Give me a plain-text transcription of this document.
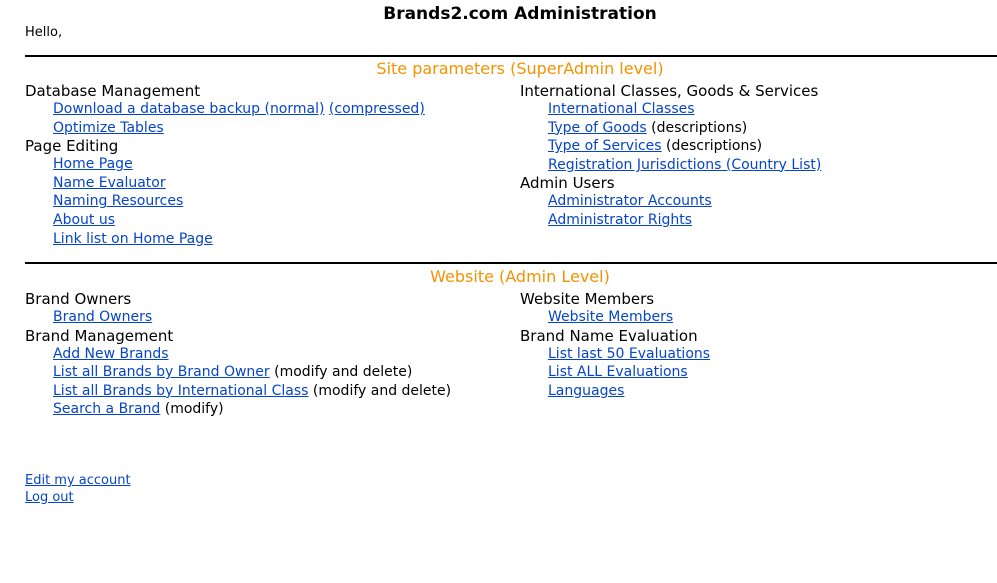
Brands2.com Administration
Hello,
Site parameters (SuperAdmin level)
Database Management
Download a database backup (normal) (compressed)
Optimize Tables
Page Editing
Home Page
Name Evaluator
Naming Resources
About us
Link list on Home Page
International Classes, Goods & Services
International Classes
Type of Goods (descriptions)
Type of Services (descriptions)
Registration Jurisdictions (Country List)
Admin Users
Administrator Accounts
Administrator Rights
Website (Admin Level)
Brand Owners
Brand Owners
Brand Management
Add New Brands
List all Brands by Brand Owner (modify and delete)
List all Brands by International Class (modify and delete)
Search a Brand (modify)
Website Members
Website Members
Brand Name Evaluation
List last 50 Evaluations
List ALL Evaluations
Languages
Edit my account
Log out
